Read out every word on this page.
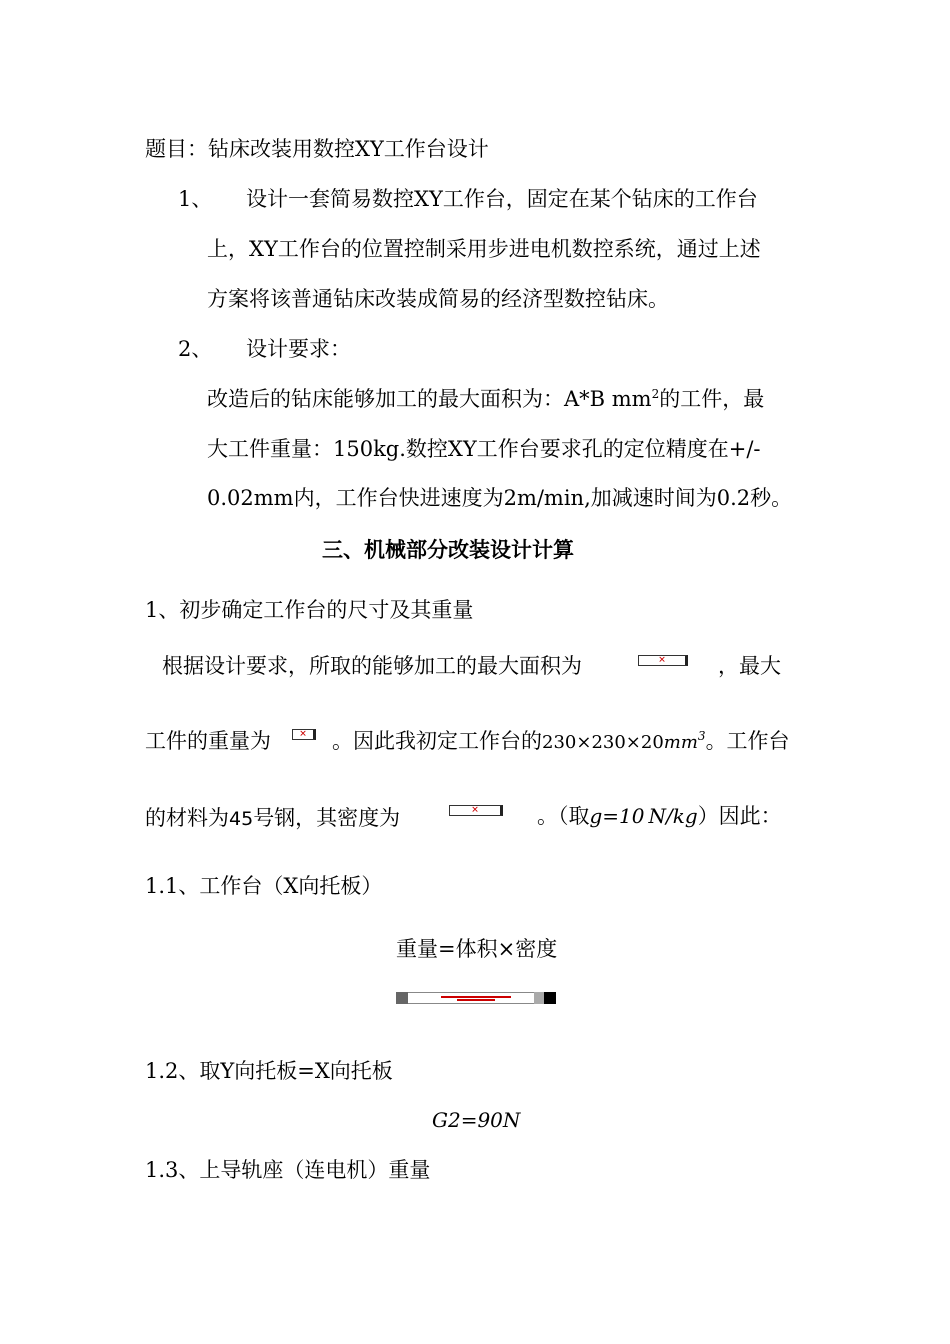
题目：钻床改装用数控XY工作台设计
1、 设计一套简易数控XY工作台，固定在某个钻床的工作台
上，XY工作台的位置控制采用步进电机数控系统，通过上述
方案将该普通钻床改装成简易的经济型数控钻床。
2、 设计要求：
改造后的钻床能够加工的最大面积为：A*B $mm^2$的工件，最
大工件重量：150kg.数控XY工作台要求孔的定位精度在+/-
0.02mm内，工作台快进速度为2m/min,加减速时间为0.2秒。
三、机械部分改装设计计算
1、初步确定工作台的尺寸及其重量
根据设计要求，所取的能够加工的最大面积为	✕ ，最大
工件的重量为	✕ 。因此我初定工作台的$230\times 230\times 20mm^3$。工作台
的材料为45号钢，其密度为	✕	。（取g=10 N/kg）因此：
1.1、工作台（X向托板）
重量=体积×密度
1.2、取Y向托板=X向托板
G2=90N
1.3、上导轨座（连电机）重量
